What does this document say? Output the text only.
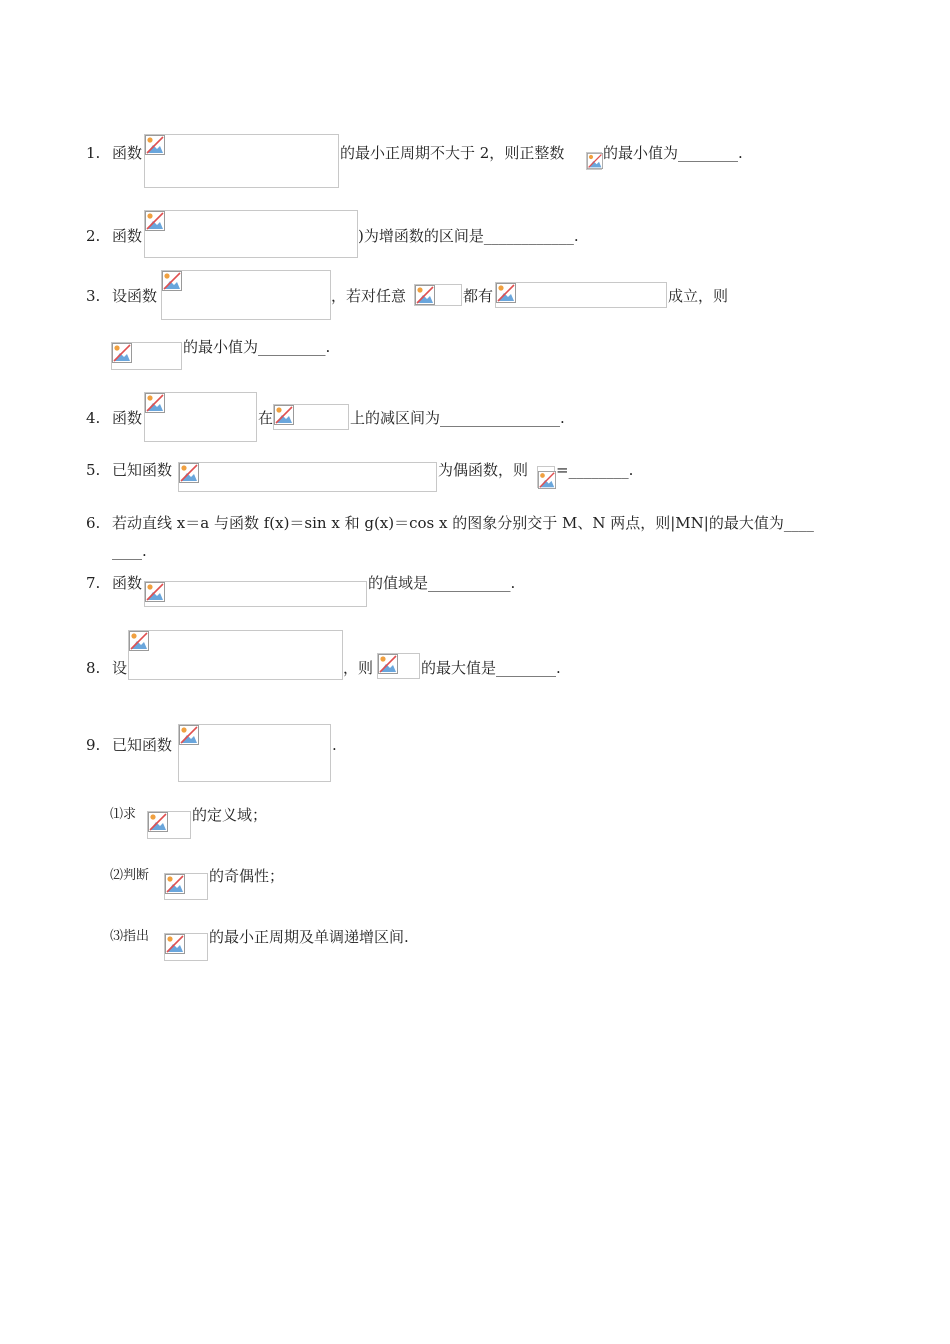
1. 函数	的最小正周期不大于 2，则正整数	的最小值为________.
2. 函数	)为增函数的区间是____________.
3. 设函数	，若对任意	都有	成立，则
的最小值为_________.
4. 函数	在	上的减区间为________________.
5. 已知函数	为偶函数，则 =________.
6. 若动直线 x＝a 与函数 f(x)＝sin x 和 g(x)＝cos x 的图象分别交于 M、N 两点，则|MN|的最大值为____
____.
7. 函数	的值域是___________.
8. 设	，则	的最大值是________.
9. 已知函数	.
⑴求	的定义域；
⑵判断	的奇偶性；
⑶指出	的最小正周期及单调递增区间.
